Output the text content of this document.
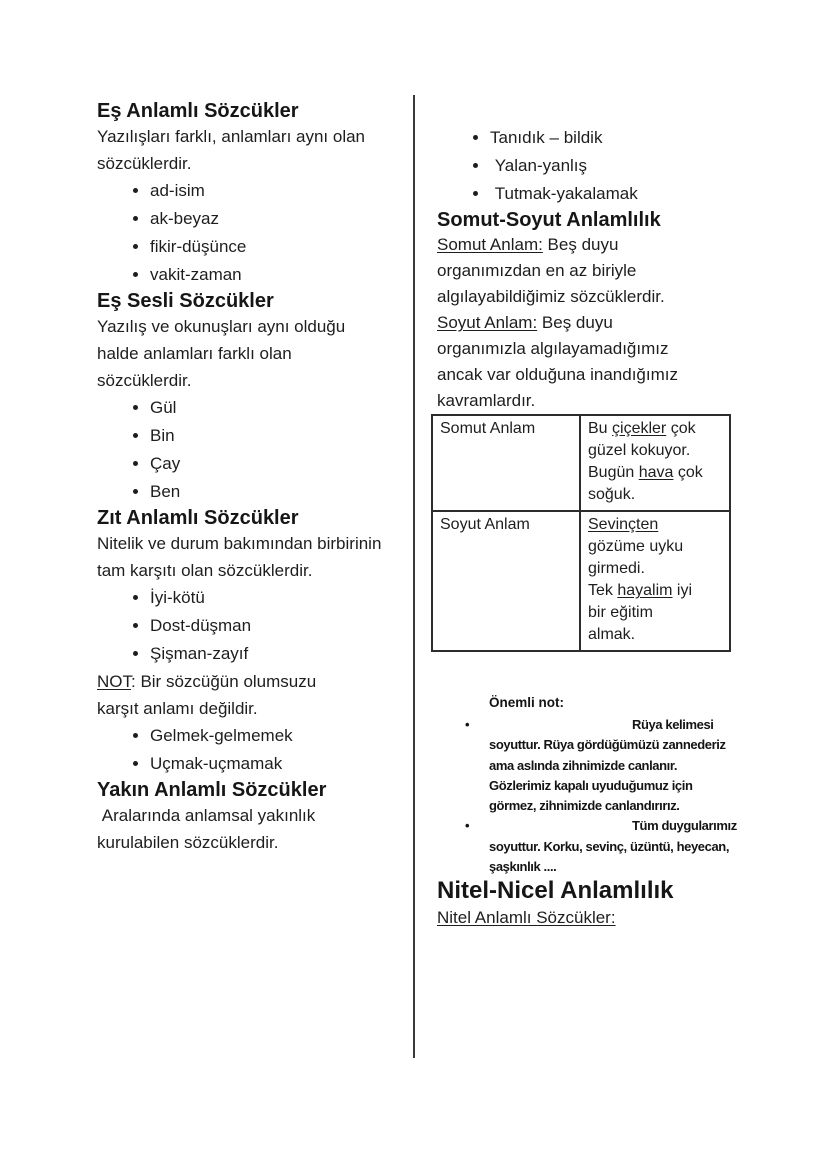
Eş Anlamlı Sözcükler

Yazılışları farklı, anlamları aynı olan sözcüklerdir.

• ad-isim
• ak-beyaz
• fikir-düşünce
• vakit-zaman
Eş Sesli Sözcükler

Yazılış ve okunuşları aynı olduğu halde anlamları farklı olan sözcüklerdir.

• Gül
• Bin
• Çay
• Ben
Zıt Anlamlı Sözcükler

Nitelik ve durum bakımından birbirinin tam karşıtı olan sözcüklerdir.

• İyi-kötü
• Dost-düşman
• Şişman-zayıf

NOT: Bir sözcüğün olumsuzu
karşıt anlamı değildir.

• Gelmek-gelmemek
• Uçmak-uçmamak
Yakın Anlamlı Sözcükler

Aralarında anlamsal yakınlık kurulabilen sözcüklerdir.

• Tanıdık – bildik
•  Yalan-yanlış
•  Tutmak-yakalamak
Somut-Soyut Anlamlılık

Somut Anlam: Beş duyu organımızdan en az biriyle algılayabildiğimiz sözcüklerdir.

Soyut Anlam: Beş duyu organımızla algılayamadığımız ancak var olduğuna inandığımız kavramlardır.

Somut Anlam	Bu çiçekler çok
güzel kokuyor.
Bugün hava çok
soğuk.
Soyut Anlam	Sevinçten
gözüme uyku
girmedi.
Tek hayalim iyi
bir eğitim
almak.
Önemli not:
•	Rüya kelimesi soyuttur. Rüya gördüğümüzü zannederiz ama aslında zihnimizde canlanır. Gözlerimiz kapalı uyuduğumuz için görmez, zihnimizde canlandırırız.
•	Tüm duygularımız soyuttur. Korku, sevinç, üzüntü, heyecan, şaşkınlık ....
Nitel-Nicel Anlamlılık

Nitel Anlamlı Sözcükler:
